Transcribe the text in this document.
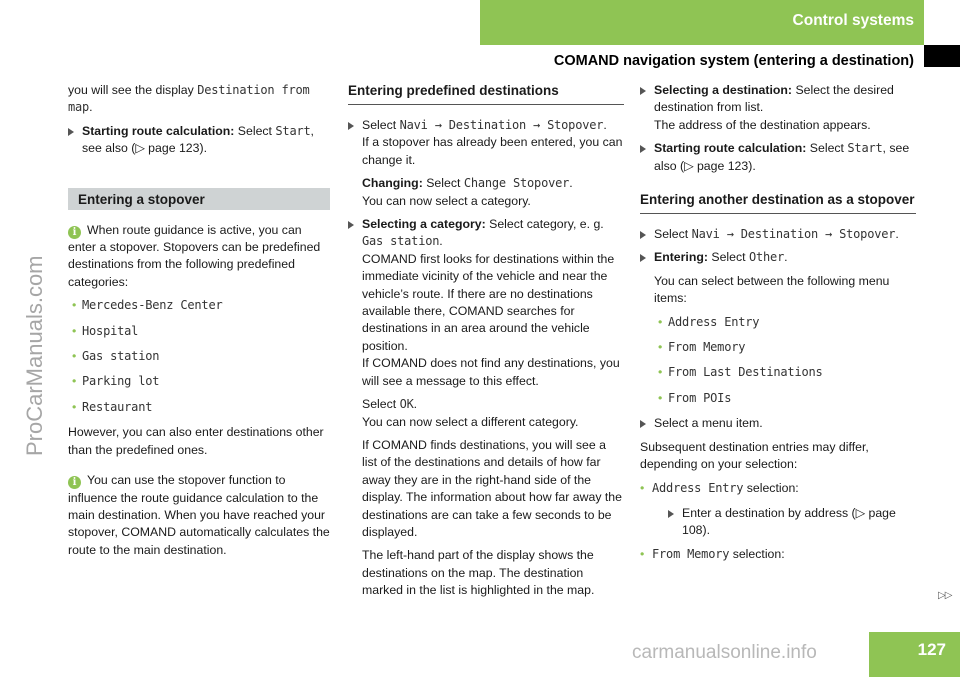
Control systems
COMAND navigation system (entering a destination)
ProCarManuals.com
you will see the display Destination from map.
Starting route calculation: Select Start, see also (▷ page 123).
Entering a stopover
i When route guidance is active, you can enter a stopover. Stopovers can be predefined destinations from the following predefined categories:
• Mercedes-Benz Center
• Hospital
• Gas station
• Parking lot
• Restaurant
However, you can also enter destinations other than the predefined ones.
i You can use the stopover function to influence the route guidance calculation to the main destination. When you have reached your stopover, COMAND automatically calculates the route to the main destination.
Entering predefined destinations
Select Navi → Destination → Stopover.
If a stopover has already been entered, you can change it.
Changing: Select Change Stopover.
You can now select a category.
Selecting a category: Select category, e. g. Gas station.
COMAND first looks for destinations within the immediate vicinity of the vehicle and near the vehicle’s route. If there are no destinations available there, COMAND searches for destinations in an area around the vehicle position.
If COMAND does not find any destinations, you will see a message to this effect.
Select OK.
You can now select a different category.
If COMAND finds destinations, you will see a list of the destinations and details of how far away they are in the right-hand side of the display. The information about how far away the destinations are can take a few seconds to be displayed.
The left-hand part of the display shows the destinations on the map. The destination marked in the list is highlighted in the map.
Selecting a destination: Select the desired destination from list.
The address of the destination appears.
Starting route calculation: Select Start, see also (▷ page 123).
Entering another destination as a stopover
Select Navi → Destination → Stopover.
Entering: Select Other.
You can select between the following menu items:
• Address Entry
• From Memory
• From Last Destinations
• From POIs
Select a menu item.
Subsequent destination entries may differ, depending on your selection:
• Address Entry selection:
Enter a destination by address (▷ page 108).
• From Memory selection:
▷▷
127
carmanualsonline.info
